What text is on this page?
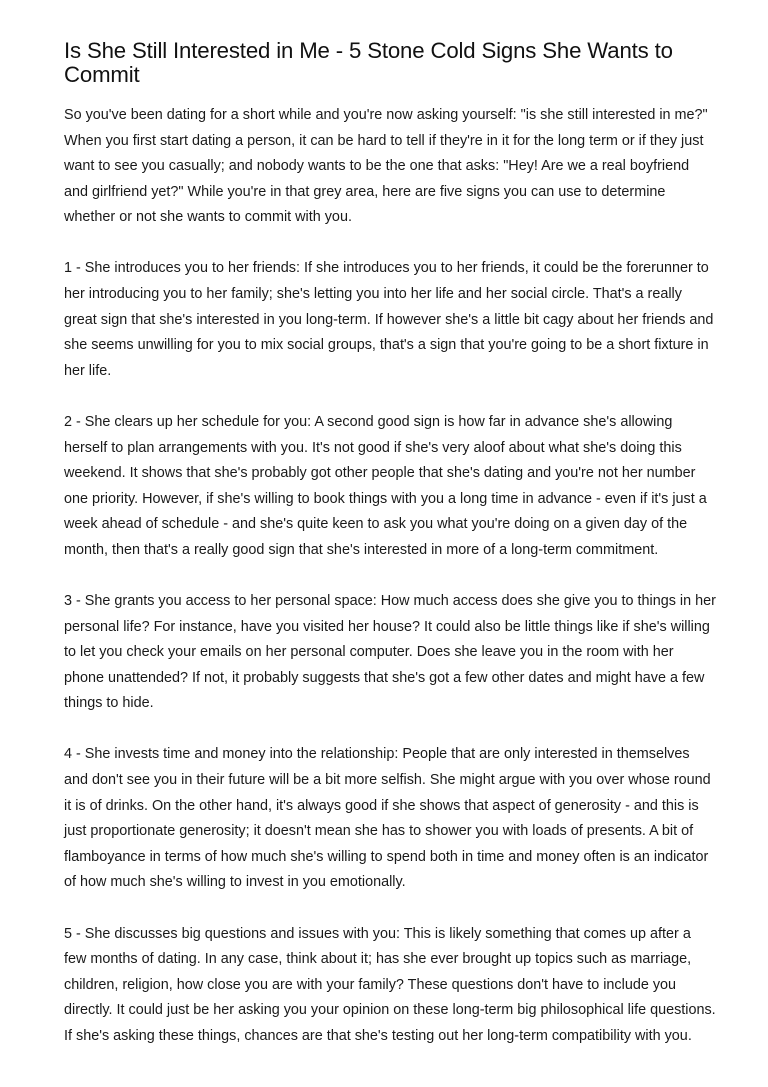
Is She Still Interested in Me - 5 Stone Cold Signs She Wants to Commit

So you've been dating for a short while and you're now asking yourself: "is she still interested in me?" When you first start dating a person, it can be hard to tell if they're in it for the long term or if they just want to see you casually; and nobody wants to be the one that asks: "Hey! Are we a real boyfriend and girlfriend yet?" While you're in that grey area, here are five signs you can use to determine whether or not she wants to commit with you.

1 - She introduces you to her friends: If she introduces you to her friends, it could be the forerunner to her introducing you to her family; she's letting you into her life and her social circle. That's a really great sign that she's interested in you long-term. If however she's a little bit cagy about her friends and she seems unwilling for you to mix social groups, that's a sign that you're going to be a short fixture in her life.

2 - She clears up her schedule for you: A second good sign is how far in advance she's allowing herself to plan arrangements with you. It's not good if she's very aloof about what she's doing this weekend. It shows that she's probably got other people that she's dating and you're not her number one priority. However, if she's willing to book things with you a long time in advance - even if it's just a week ahead of schedule - and she's quite keen to ask you what you're doing on a given day of the month, then that's a really good sign that she's interested in more of a long-term commitment.

3 - She grants you access to her personal space: How much access does she give you to things in her personal life? For instance, have you visited her house? It could also be little things like if she's willing to let you check your emails on her personal computer. Does she leave you in the room with her phone unattended? If not, it probably suggests that she's got a few other dates and might have a few things to hide.

4 - She invests time and money into the relationship: People that are only interested in themselves and don't see you in their future will be a bit more selfish. She might argue with you over whose round it is of drinks. On the other hand, it's always good if she shows that aspect of generosity - and this is just proportionate generosity; it doesn't mean she has to shower you with loads of presents. A bit of flamboyance in terms of how much she's willing to spend both in time and money often is an indicator of how much she's willing to invest in you emotionally.

5 - She discusses big questions and issues with you: This is likely something that comes up after a few months of dating. In any case, think about it; has she ever brought up topics such as marriage, children, religion, how close you are with your family? These questions don't have to include you directly. It could just be her asking you your opinion on these long-term big philosophical life questions. If she's asking these things, chances are that she's testing out her long-term compatibility with you.
